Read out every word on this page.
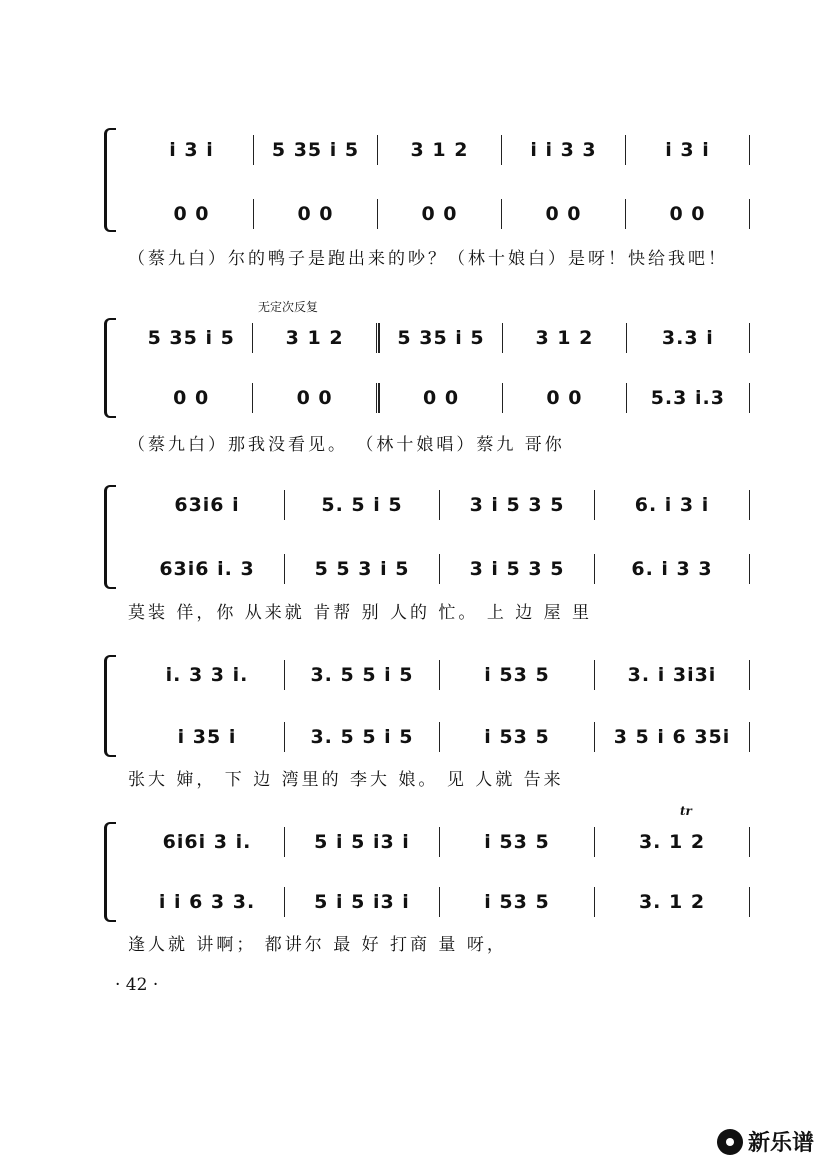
i 3 i	5 35 i 5	3 1 2	i i 3 3	i 3 i
0 0	0 0	0 0	0 0	0 0
（蔡九白）尔的鸭子是跑出来的吵？（林十娘白）是呀！快给我吧！
无定次反复
5 35 i 5	3 1 2	5 35 i 5	3 1 2	3.3 i
0 0	0 0	0 0	0 0	5.3 i.3
（蔡九白）那我没看见。 （林十娘唱）蔡九 哥你
63i6 i	5. 5 i 5	3 i 5 3 5	6. i 3 i
63i6 i. 3	5 5 3 i 5	3 i 5 3 5	6. i 3 3
莫装 佯，你 从来就 肯帮 别 人的 忙。 上 边 屋 里
i. 3 3 i.	3. 5 5 i 5	i 53 5	3. i 3i3i
i 35 i	3. 5 5 i 5	i 53 5	3 5 i 6 35i
张大 婶， 下 边 湾里的 李大 娘。 见 人就 告来
tr
6i6i 3 i.	5 i 5 i3 i	i 53 5	3. 1 2
i i 6 3 3.	5 i 5 i3 i	i 53 5	3. 1 2
逢人就 讲啊； 都讲尔 最 好 打商 量 呀，
· 42 ·
新乐谱
